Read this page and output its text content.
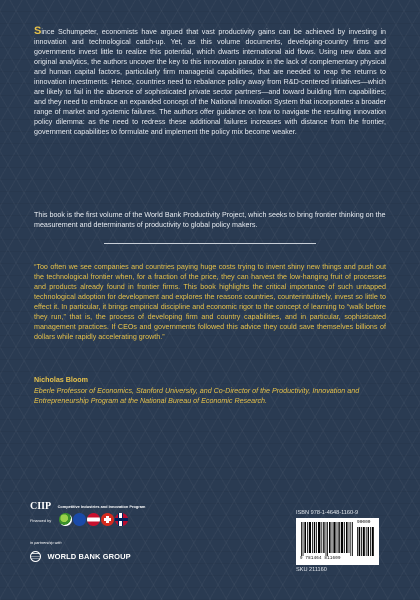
Since Schumpeter, economists have argued that vast productivity gains can be achieved by investing in innovation and technological catch-up. Yet, as this volume documents, developing-country firms and governments invest little to realize this potential, which dwarts international aid flows. Using new data and original analytics, the authors uncover the key to this innovation paradox in the lack of complementary physical and human capital factors, particularly firm managerial capabilities, that are needed to reap the returns to innovation investments. Hence, countries need to rebalance policy away from R&D-centered initiatives—which are likely to fail in the absence of sophisticated private sector partners—and toward building firm capabilities; and they need to embrace an expanded concept of the National Innovation System that incorporates a broader range of market and systemic failures. The authors offer guidance on how to navigate the resulting innovation policy dilemma: as the need to redress these additional failures increases with distance from the frontier, government capabilities to formulate and implement the policy mix become weaker.

This book is the first volume of the World Bank Productivity Project, which seeks to bring frontier thinking on the measurement and determinants of productivity to global policy makers.

“Too often we see companies and countries paying huge costs trying to invent shiny new things and push out the technological frontier when, for a fraction of the price, they can harvest the low-hanging fruit of processes and products already found in frontier firms. This book highlights the critical importance of such untapped technological adoption for development and explores the reasons countries, counterintuitively, invest so little to effect it. In particular, it brings empirical discipline and economic rigor to the concept of learning to “walk before they run,” that is, the process of developing firm and country capabilities, and in particular, sophisticated management practices. If CEOs and governments followed this advice they could save themselves billions of dollars while rapidly accelerating growth.”

Nicholas Bloom

Eberle Professor of Economics, Stanford University, and Co-Director of the Productivity, Innovation and Entrepreneurship Program at the National Bureau of Economic Research.

CIIP Competitive Industries and Innovation Program
Financed by
in partnership with
WORLD BANK GROUP
ISBN 978-1-4648-1160-9
90000
9 781464 811609
SKU 211160
